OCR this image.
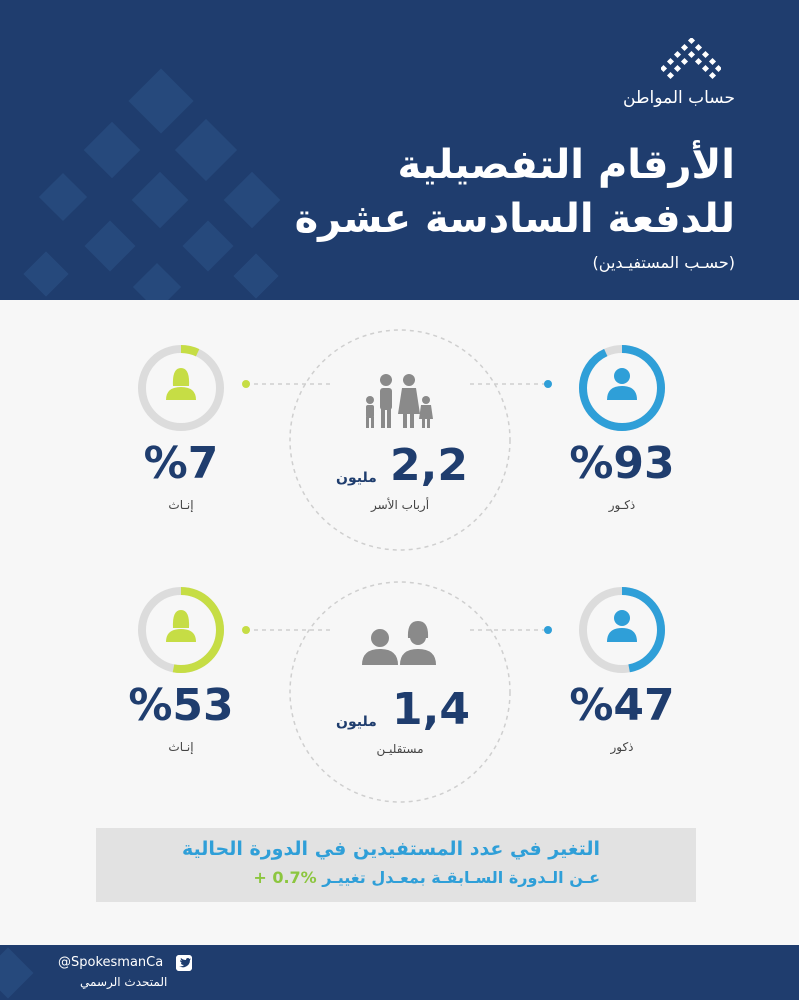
حساب المواطن
الأرقام التفصيلية
للدفعة السادسة عشرة
(حسـب المستفيـدين)
%93
ذكـور
%7
إنـاث
2,2
مليون
أرباب الأسر
%47
ذكور
%53
إنـاث
1,4
مليون
مستقليـن
التغير في عدد المستفيدين في الدورة الحالية
عـن الـدورة السـابقـة بمعـدل تغييـر + 0.7%
@SpokesmanCa
المتحدث الرسمي
